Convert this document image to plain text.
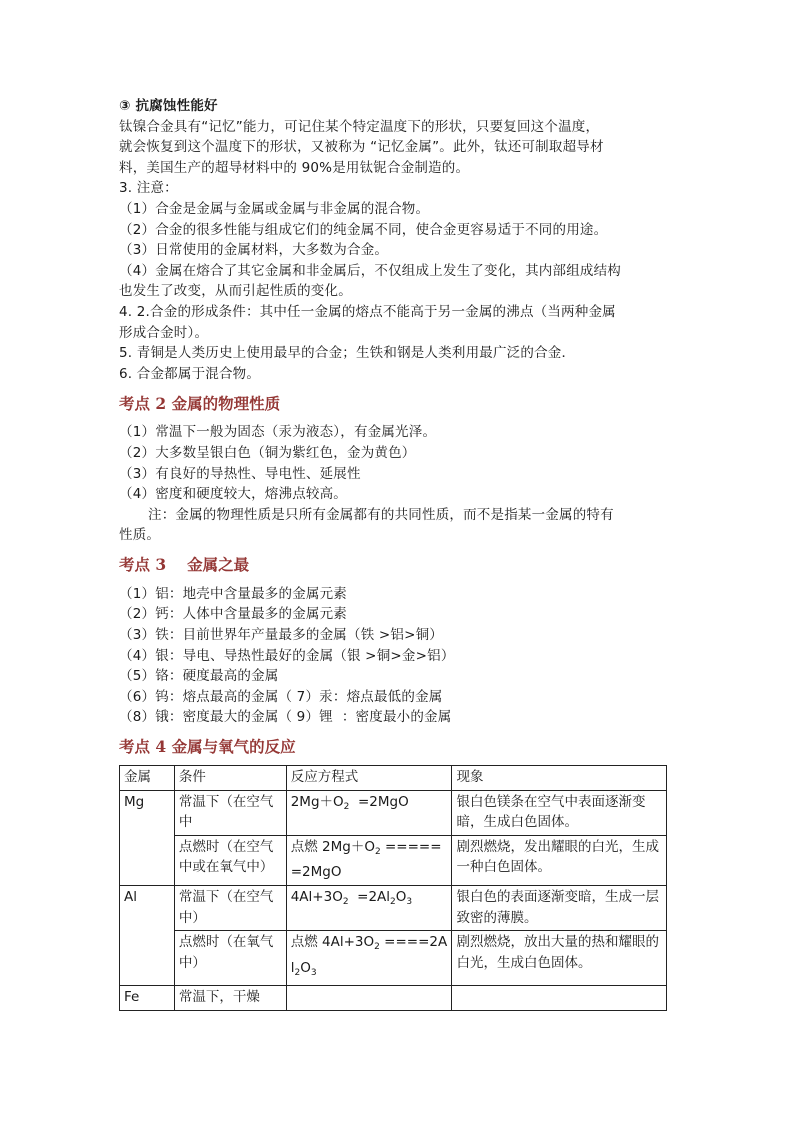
③ 抗腐蚀性能好

钛镍合金具有“记忆”能力，可记住某个特定温度下的形状，只要复回这个温度，

就会恢复到这个温度下的形状，又被称为 “记忆金属”。此外，钛还可制取超导材

料，美国生产的超导材料中的 90%是用钛铌合金制造的。

3. 注意：

（1）合金是金属与金属或金属与非金属的混合物。

（2）合金的很多性能与组成它们的纯金属不同，使合金更容易适于不同的用途。

（3）日常使用的金属材料，大多数为合金。

（4）金属在熔合了其它金属和非金属后，不仅组成上发生了变化，其内部组成结构

也发生了改变，从而引起性质的变化。

4. 2.合金的形成条件：其中任一金属的熔点不能高于另一金属的沸点（当两种金属

形成合金时）。

5. 青铜是人类历史上使用最早的合金；生铁和钢是人类利用最广泛的合金．

6. 合金都属于混合物。

考点 2 金属的物理性质

（1）常温下一般为固态（汞为液态），有金属光泽。

（2）大多数呈银白色（铜为紫红色，金为黄色）

（3）有良好的导热性、导电性、延展性

（4）密度和硬度较大，熔沸点较高。

注：金属的物理性质是只所有金属都有的共同性质，而不是指某一金属的特有

性质。

考点 3　 金属之最

（1）铝：地壳中含量最多的金属元素

（2）钙：人体中含量最多的金属元素

（3）铁：目前世界年产量最多的金属（铁 >铝>铜）

（4）银：导电、导热性最好的金属（银 >铜>金>铝）

（5）铬：硬度最高的金属

（6）钨：熔点最高的金属（ 7）汞：熔点最低的金属

（8）锇：密度最大的金属（ 9）锂  ：密度最小的金属

考点 4 金属与氧气的反应

金属	条件	反应方程式	现象
Mg	常温下（在空气中	$2Mg+O_2 =2MgO$	银白色镁条在空气中表面逐渐变暗，生成白色固体。
	点燃时（在空气中或在氧气中）	点燃 $2Mg+O_2 ======2MgO$	剧烈燃烧，发出耀眼的白光，生成一种白色固体。
Al	常温下（在空气中）	$4Al+3O_2 =2Al_2O_3$	银白色的表面逐渐变暗，生成一层致密的薄膜。
	点燃时（在氧气中）	点燃 $4Al+3O_2 ====2Al_2O_3$	剧烈燃烧，放出大量的热和耀眼的白光，生成白色固体。
Fe	常温下，干燥		
